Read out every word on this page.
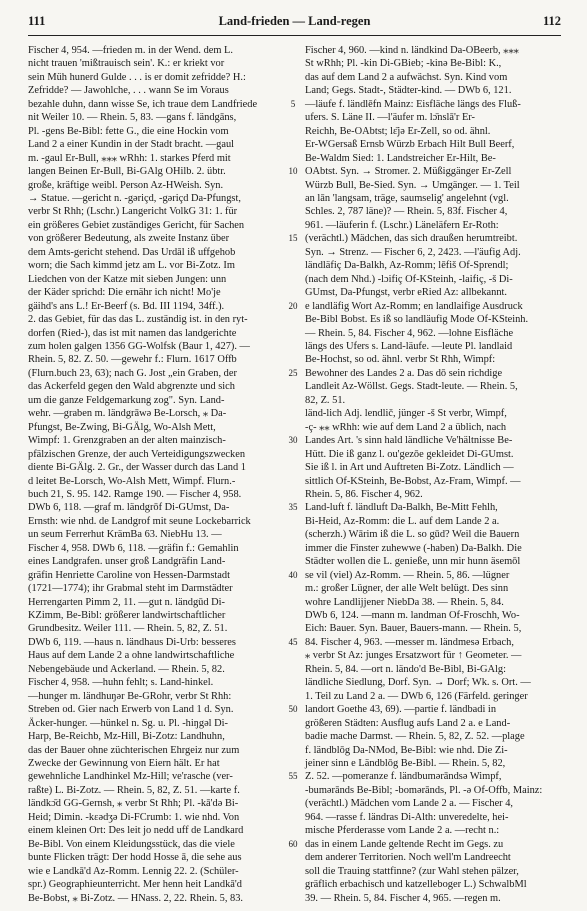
111	Land-frieden — Land-regen	112
Fischer 4, 954. —frieden m. in der Wend. dem L.
nicht trauen 'mißtrauisch sein'. K.: er kriekt vor
sein Müh hunerd Gulde . . . is er domit zefridde? H.:
Zefridde? — Jawohlche, . . . wann Se im Voraus
bezahle duhn, dann wisse Se, ich traue dem Landfriede
nit Weiler 10. — Rhein. 5, 83. —gans f. ländgāns,
Pl. -gens Be-Bibl: fette G., die eine Hockin vom
Land 2 a einer Kundin in der Stadt bracht. —gaul
m. -gaul Er-Bull, ⁎⁎⁎ wRhh: 1. starkes Pferd mit
langen Beinen Er-Bull, Bi-GAlg OHilb. 2. übtr.
große, kräftige weibl. Person Az-HWeish. Syn.
→ Statue. —gericht n. -gəriçd, -gəriçd Da-Pfungst,
verbr St Rhh; (Lschr.) Langericht VolkG 31: 1. für
ein größeres Gebiet zuständiges Gericht, für Sachen
von größerer Bedeutung, als zweite Instanz über
dem Amts-gericht stehend. Das Urdāl iß uffgehob
worn; die Sach kimmd jetz am L. vor Bi-Zotz. Im
Liedchen von der Katze mit sieben Jungen: unn
der Käder sprichd: Die ernähr ich nicht! Mo'je
gäihd's ans L.! Er-Beerf (s. Bd. III 1194, 34ff.).
2. das Gebiet, für das das L. zuständig ist. in den ryt-
dorfen (Ried-), das ist mit namen das landgerichte
zum holen galgen 1356 GG-Wolfsk (Baur 1, 427). —
Rhein. 5, 82. Z. 50. —gewehr f.: Flurn. 1617 Offb
(Flurn.buch 23, 63); nach G. Jost „ein Graben, der
das Ackerfeld gegen den Wald abgrenzte und sich
um die ganze Feldgemarkung zog". Syn. Land-
wehr. —graben m. ländgrāwə Be-Lorsch, ⁎ Da-
Pfungst, Be-Zwing, Bi-GÄlg, Wo-Alsh Mett,
Wimpf: 1. Grenzgraben an der alten mainzisch-
pfälzischen Grenze, der auch Verteidigungszwecken
diente Bi-GÄlg. 2. Gr., der Wasser durch das Land 1
d leitet Be-Lorsch, Wo-Alsh Mett, Wimpf. Flurn.-
buch 21, S. 95. 142. Ramge 190. — Fischer 4, 958.
DWb 6, 118. —graf m. ländgrōf Di-GUmst, Da-
Ernsth: wie nhd. de Landgrof mit seune Lockebarrick
un seum Ferrerhut KrämBa 63. NiebHu 13. —
Fischer 4, 958. DWb 6, 118. —gräfin f.: Gemahlin
eines Landgrafen. unser groß Landgräfin Land-
gräfin Henriette Caroline von Hessen-Darmstadt
(1721—1774); ihr Grabmal steht im Darmstädter
Herrengarten Pimm 2, 11. —gut n. ländgūd Di-
KZimm, Be-Bibl: größerer landwirtschaftlicher
Grundbesitz. Weiler 111. — Rhein. 5, 82, Z. 51.
DWb 6, 119. —haus n. ländhaus Di-Urb: besseres
Haus auf dem Lande 2 a ohne landwirtschaftliche
Nebengebäude und Ackerland. — Rhein. 5, 82.
Fischer 4, 958. —huhn fehlt; s. Land-hinkel.
—hunger m. ländhuŋər Be-GRohr, verbr St Rhh:
Streben od. Gier nach Erwerb von Land 1 d. Syn.
Äcker-hunger. —hünkel n. Sg. u. Pl. -hiŋgəl Di-
Harp, Be-Reichb, Mz-Hill, Bi-Zotz: Landhuhn,
das der Bauer ohne züchterischen Ehrgeiz nur zum
Zwecke der Gewinnung von Eiern hält. Er hat
gewehnliche Landhinkel Mz-Hill; ve'rasche (ver-
raßte) L. Bi-Zotz. — Rhein. 5, 82, Z. 51. —karte f.
ländkɔ̄d GG-Gernsh, ⁎ verbr St Rhh; Pl. -kā'də Bi-
Heid; Dimin. -kɛədʒə Di-FCrumb: 1. wie nhd. Von
einem kleinen Ort: Des leit jo nedd uff de Landkard
Be-Bibl. Von einem Kleidungsstück, das die viele
bunte Flicken trägt: Der hodd Hosse ā, die sehe aus
wie e Landkā'd Az-Romm. Lennig 22. 2. (Schüler-
spr.) Geographieunterricht. Mer henn heit Landkā'd
Be-Bobst, ⁎ Bi-Zotz. — HNass. 2, 22. Rhein. 5, 83.
5
10
15
20
25
30
35
40
45
50
55
60
Fischer 4, 960. —kind n. ländkind Da-OBeerb, ⁎⁎⁎
St wRhh; Pl. -kin Di-GBieb; -kinə Be-Bibl: K.,
das auf dem Land 2 a aufwächst. Syn. Kind vom
Land; Gegs. Stadt-, Städter-kind. — DWb 6, 121.
—läufe f. ländlēfn Mainz: Eisfläche längs des Fluß-
ufers. S. Läne II. —l'äufer m. lɔ̄nslā'r Er-
Reichh, Be-OAbtst; lɛ̄jə Er-Zell, so od. ähnl.
Er-WGersaß Ernsb Würzb Erbach Hilt Bull Beerf,
Be-Waldm Sied: 1. Landstreicher Er-Hilt, Be-
OAbtst. Syn. → Stromer. 2. Müßiggänger Er-Zell
Würzb Bull, Be-Sied. Syn. → Umgänger. — 1. Teil
an lān 'langsam, träge, saumselig' angelehnt (vgl.
Schles. 2, 787 läne)? — Rhein. 5, 83f. Fischer 4,
961. —läuferin f. (Lschr.) Läneläfern Er-Roth:
(verächtl.) Mädchen, das sich draußen herumtreibt.
Syn. → Strenz. — Fischer 6, 2, 2423. —l'äufig Adj.
ländläfiç Da-Balkh, Az-Romm; lēfiš Of-Sprendl;
(nach dem Nhd.) -lɔifiç Of-KSteinh, -laifiç, -š Di-
GUmst, Da-Pfungst, verbr eRied Az: allbekannt.
e landläfig Wort Az-Romm; en landlaifige Ausdruck
Be-Bibl Bobst. Es iß so landläufig Mode Of-KSteinh.
— Rhein. 5, 84. Fischer 4, 962. —lohne Eisfläche
längs des Ufers s. Land-läufe. —leute Pl. landlaid
Be-Hochst, so od. ähnl. verbr St Rhh, Wimpf:
Bewohner des Landes 2 a. Das dō sein richdige
Landleit Az-Wöllst. Gegs. Stadt-leute. — Rhein. 5,
82, Z. 51.
länd-lich Adj. lendlič, jünger -š St verbr, Wimpf,
-ç- ⁎⁎ wRhh: wie auf dem Land 2 a üblich, nach
Landes Art. 's sinn hald ländliche Ve'hältnisse Be-
Hütt. Die iß ganz l. ou'gezōe gekleidet Di-GUmst.
Sie iß l. in Art und Auftreten Bi-Zotz. Ländlich —
sittlich Of-KSteinh, Be-Bobst, Az-Fram, Wimpf. —
Rhein. 5, 86. Fischer 4, 962.
Land-luft f. ländluft Da-Balkh, Be-Mitt Fehlh,
Bi-Heid, Az-Romm: die L. auf dem Lande 2 a.
(scherzh.) Wārim iß die L. so gūd? Weil die Bauern
immer die Finster zuhewwe (-haben) Da-Balkh. Die
Städter wollen die L. genieße, unn mir hunn äsemōl
se vil (viel) Az-Romm. — Rhein. 5, 86. —lügner
m.: großer Lügner, der alle Welt belügt. Des sinn
wohre Landlijjener NiebDa 38. — Rhein. 5, 84.
DWb 6, 124. —mann m. landman Of-Froschh, Wo-
Eich: Bauer. Syn. Bauer, Bauers-mann. — Rhein. 5,
84. Fischer 4, 963. —messer m. ländmesə Erbach,
⁎ verbr St Az: junges Ersatzwort für ↑ Geometer. —
Rhein. 5, 84. —ort n. ländo'd Be-Bibl, Bi-GAlg:
ländliche Siedlung, Dorf. Syn. → Dorf; Wk. s. Ort. —
1. Teil zu Land 2 a. — DWb 6, 126 (Färfeld. geringer
landort Goethe 43, 69). —partie f. ländbadi in
größeren Städten: Ausflug aufs Land 2 a. e Land-
badie mache Darmst. — Rhein. 5, 82, Z. 52. —plage
f. ländblōg Da-NMod, Be-Bibl: wie nhd. Die Zi-
jeiner sinn e Ländblōg Be-Bibl. — Rhein. 5, 82,
Z. 52. —pomeranze f. ländbumərāndsə Wimpf,
-bumərānds Be-Bibl; -bomərānds, Pl. -ə Of-Offb, Mainz:
(verächtl.) Mädchen vom Lande 2 a. — Fischer 4,
964. —rasse f. ländras Di-Alth: unveredelte, hei-
mische Pferderasse vom Lande 2 a. —recht n.:
das in einem Lande geltende Recht im Gegs. zu
dem anderer Territorien. Noch well'm Landreecht
soll die Trauing stattfinne? (zur Wahl stehen pälzer,
gräflich erbachisch und katzelleboger L.) SchwalbMl
39. — Rhein. 5, 84. Fischer 4, 965. —regen m.
